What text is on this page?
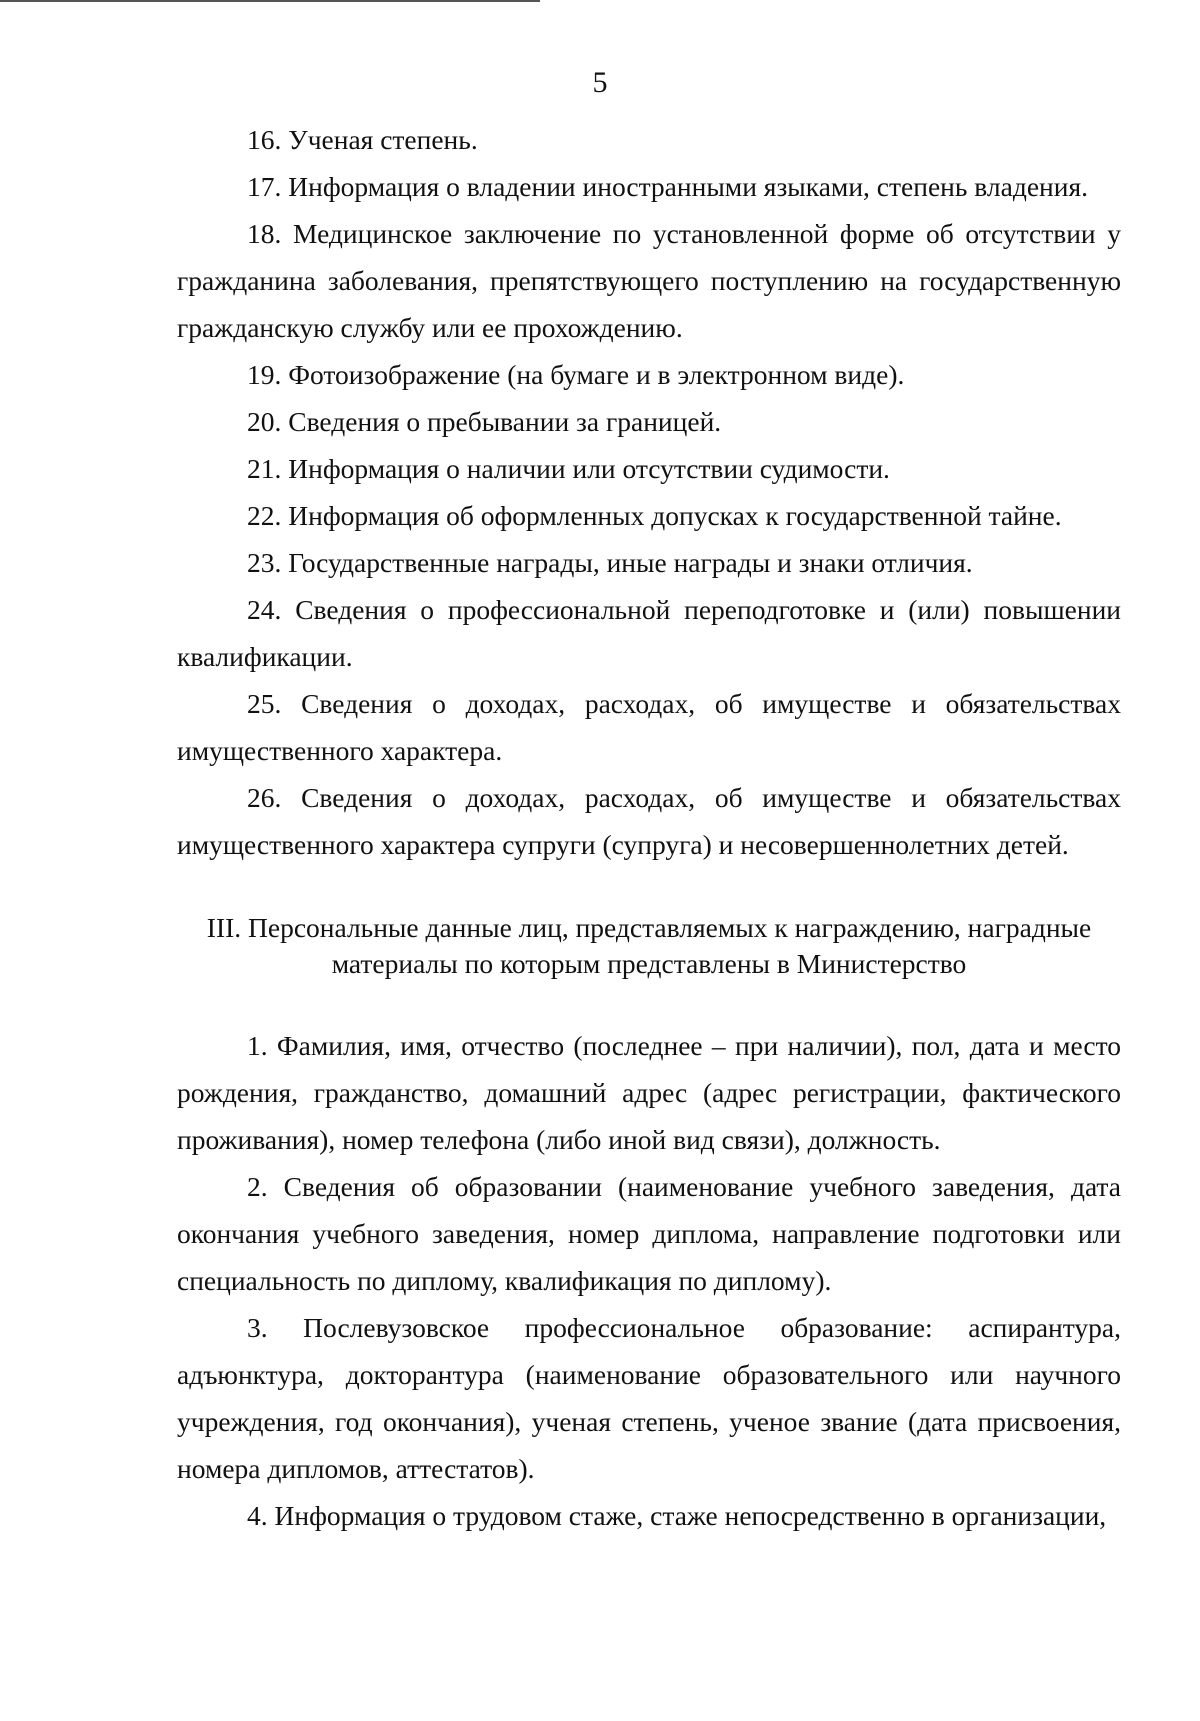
5

16. Ученая степень.

17. Информация о владении иностранными языками, степень владения.

18. Медицинское заключение по установленной форме об отсутствии у гражданина заболевания, препятствующего поступлению на государственную гражданскую службу или ее прохождению.

19. Фотоизображение (на бумаге и в электронном виде).

20. Сведения о пребывании за границей.

21. Информация о наличии или отсутствии судимости.

22. Информация об оформленных допусках к государственной тайне.

23. Государственные награды, иные награды и знаки отличия.

24. Сведения о профессиональной переподготовке и (или) повышении квалификации.

25. Сведения о доходах, расходах, об имуществе и обязательствах имущественного характера.

26. Сведения о доходах, расходах, об имуществе и обязательствах имущественного характера супруги (супруга) и несовершеннолетних детей.

III. Персональные данные лиц, представляемых к награждению, наградные
материалы по которым представлены в Министерство

1. Фамилия, имя, отчество (последнее – при наличии), пол, дата и место рождения, гражданство, домашний адрес (адрес регистрации, фактического проживания), номер телефона (либо иной вид связи), должность.

2. Сведения об образовании (наименование учебного заведения, дата окончания учебного заведения, номер диплома, направление подготовки или специальность по диплому, квалификация по диплому).

3. Послевузовское профессиональное образование: аспирантура, адъюнктура, докторантура (наименование образовательного или научного учреждения, год окончания), ученая степень, ученое звание (дата присвоения, номера дипломов, аттестатов).

4. Информация о трудовом стаже, стаже непосредственно в организации,
